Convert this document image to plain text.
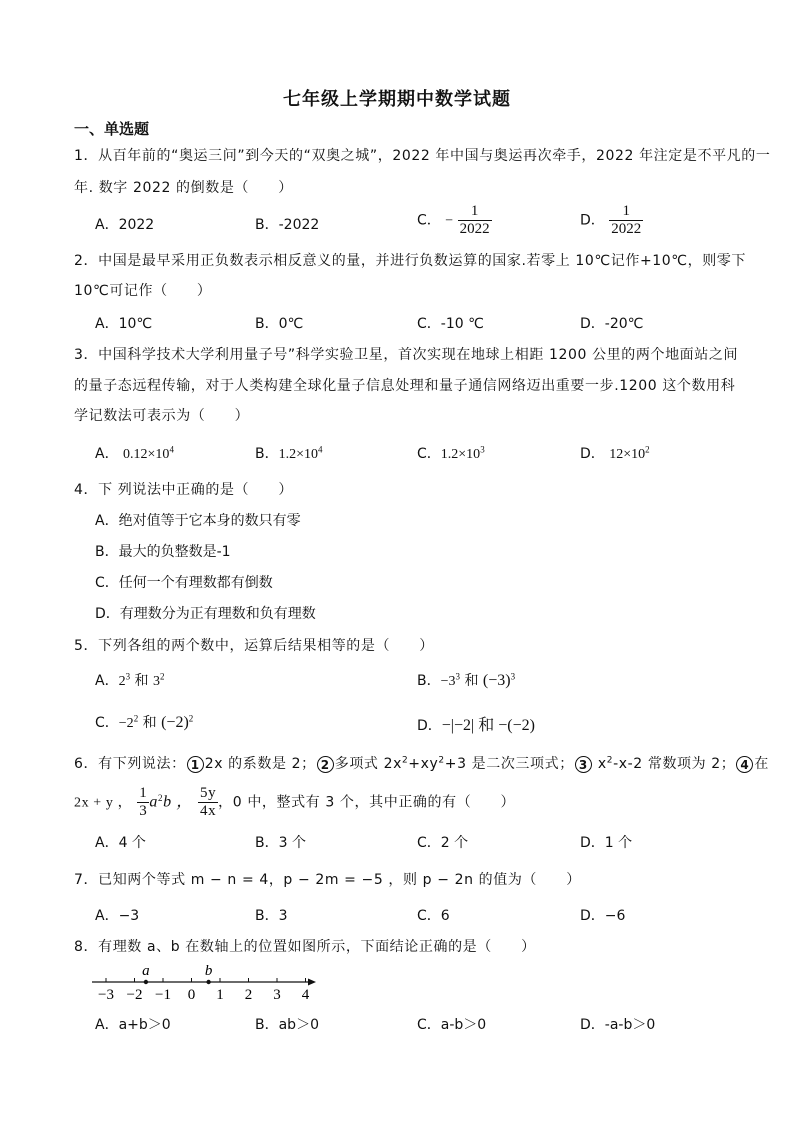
七年级上学期期中数学试题
一、单选题
1．从百年前的“奥运三问”到今天的“双奥之城”，2022 年中国与奥运再次牵手，2022 年注定是不平凡的一
年. 数字 2022 的倒数是（　　）
A．2022	B．-2022	C． − $\frac{1}{2022}$	D． $\frac{1}{2022}$
2．中国是最早采用正负数表示相反意义的量，并进行负数运算的国家.若零上 10℃记作+10℃，则零下
10℃可记作（　　）
A．10℃	B．0℃	C．-10 ℃	D．-20℃
3．中国科学技术大学利用量子号”科学实验卫星，首次实现在地球上相距 1200 公里的两个地面站之间
的量子态远程传输，对于人类构建全球化量子信息处理和量子通信网络迈出重要一步.1200 这个数用科
学记数法可表示为（　　）
A． $0.12\times 10^4$	B．$1.2\times 10^4$	C．$1.2\times 10^3$	D． $12\times 10^2$
4．下 列说法中正确的是（　　）
A．绝对值等于它本身的数只有零
B．最大的负整数是-1
C．任何一个有理数都有倒数
D．有理数分为正有理数和负有理数
5．下列各组的两个数中，运算后结果相等的是（　　）
A．$2^3$ 和 $3^2$	B．$-3^3$ 和 $(-3)^3$
C．$-2^2$ 和 $(-2)^2$	D．−|−2| 和 −(−2)
6．有下列说法： 1 2x 的系数是 2； 2 多项式 $2x^2+xy^2+3$ 是二次三项式； 3 $x^2-x-2$ 常数项为 2； 4 在
2x + y ， $\frac{1}{3} a^2b$ ， $\frac{5y}{4x}$ ，0 中，整式有 3 个，其中正确的有（　　）
A．4 个	B．3 个	C．2 个	D．1 个
7．已知两个等式 m − n = 4，p − 2m = −5 ，则 p − 2n 的值为（　　）
A．−3	B．3	C．6	D．−6
8．有理数 a、b 在数轴上的位置如图所示，下面结论正确的是（　　）
−3 −2 −1 0 1 2 3 4
a	b
A．a+b＞0	B．ab＞0	C．a-b＞0	D．-a-b＞0
